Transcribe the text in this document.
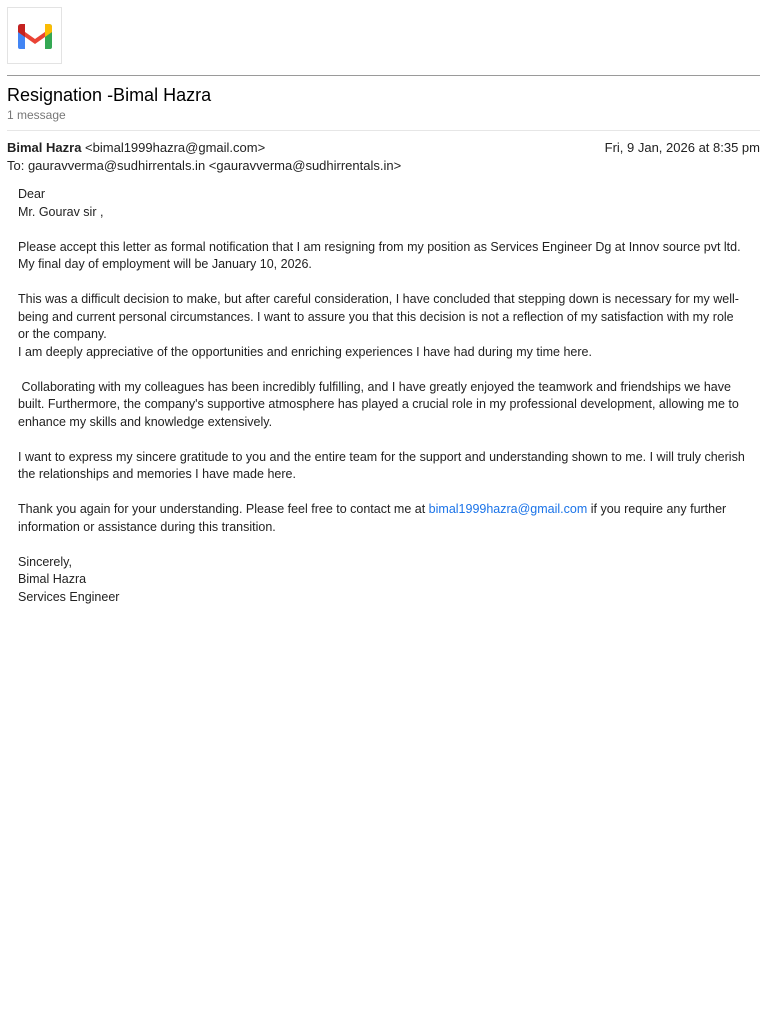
Resignation -Bimal Hazra
1 message
Bimal Hazra <bimal1999hazra@gmail.com>	Fri, 9 Jan, 2026 at 8:35 pm
To: gauravverma@sudhirrentals.in <gauravverma@sudhirrentals.in>

Dear

Mr. Gourav sir ,

Please accept this letter as formal notification that I am resigning from my position as Services Engineer Dg at Innov source pvt ltd. My final day of employment will be January 10, 2026.

This was a difficult decision to make, but after careful consideration, I have concluded that stepping down is necessary for my well-being and current personal circumstances. I want to assure you that this decision is not a reflection of my satisfaction with my role or the company.

I am deeply appreciative of the opportunities and enriching experiences I have had during my time here.

Collaborating with my colleagues has been incredibly fulfilling, and I have greatly enjoyed the teamwork and friendships we have built. Furthermore, the company's supportive atmosphere has played a crucial role in my professional development, allowing me to enhance my skills and knowledge extensively.

I want to express my sincere gratitude to you and the entire team for the support and understanding shown to me. I will truly cherish the relationships and memories I have made here.

Thank you again for your understanding. Please feel free to contact me at bimal1999hazra@gmail.com if you require any further information or assistance during this transition.

Sincerely,

Bimal Hazra

Services Engineer
